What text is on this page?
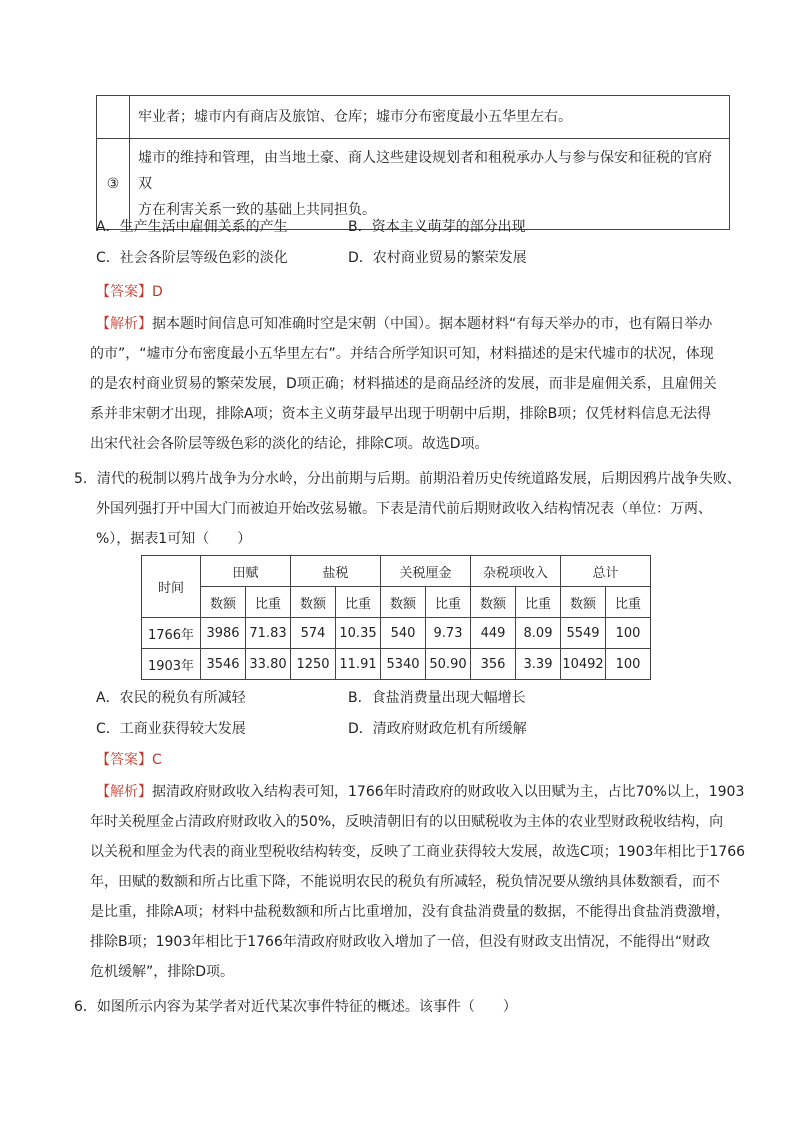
	牢业者；墟市内有商店及旅馆、仓库；墟市分布密度最小五华里左右。
③	墟市的维持和管理，由当地土豪、商人这些建设规划者和租税承办人与参与保安和征税的官府双
方在利害关系一致的基础上共同担负。
A．生产生活中雇佣关系的产生	B．资本主义萌芽的部分出现
C．社会各阶层等级色彩的淡化	D．农村商业贸易的繁荣发展
【答案】D
【解析】据本题时间信息可知准确时空是宋朝（中国）。据本题材料“有每天举办的市，也有隔日举办
的市”，“墟市分布密度最小五华里左右”。并结合所学知识可知，材料描述的是宋代墟市的状况，体现
的是农村商业贸易的繁荣发展，D项正确；材料描述的是商品经济的发展，而非是雇佣关系，且雇佣关
系并非宋朝才出现，排除A项；资本主义萌芽最早出现于明朝中后期，排除B项；仅凭材料信息无法得
出宋代社会各阶层等级色彩的淡化的结论，排除C项。故选D项。
5．清代的税制以鸦片战争为分水岭，分出前期与后期。前期沿着历史传统道路发展，后期因鸦片战争失败、
外国列强打开中国大门而被迫开始改弦易辙。下表是清代前后期财政收入结构情况表（单位：万两、
%），据表1可知（　　）
时间	田赋		盐税		关税厘金		杂税项收入		总计	
	数额	比重	数额	比重	数额	比重	数额	比重	数额	比重
1766年	3986	71.83	574	10.35	540	9.73	449	8.09	5549	100
1903年	3546	33.80	1250	11.91	5340	50.90	356	3.39	10492	100
A．农民的税负有所减轻	B．食盐消费量出现大幅增长
C．工商业获得较大发展	D．清政府财政危机有所缓解
【答案】C
【解析】据清政府财政收入结构表可知，1766年时清政府的财政收入以田赋为主，占比70%以上，1903
年时关税厘金占清政府财政收入的50%，反映清朝旧有的以田赋税收为主体的农业型财政税收结构，向
以关税和厘金为代表的商业型税收结构转变，反映了工商业获得较大发展，故选C项；1903年相比于1766
年，田赋的数额和所占比重下降，不能说明农民的税负有所减轻，税负情况要从缴纳具体数额看，而不
是比重，排除A项；材料中盐税数额和所占比重增加，没有食盐消费量的数据，不能得出食盐消费激增，
排除B项；1903年相比于1766年清政府财政收入增加了一倍，但没有财政支出情况，不能得出“财政
危机缓解”，排除D项。
6．如图所示内容为某学者对近代某次事件特征的概述。该事件（　　）
